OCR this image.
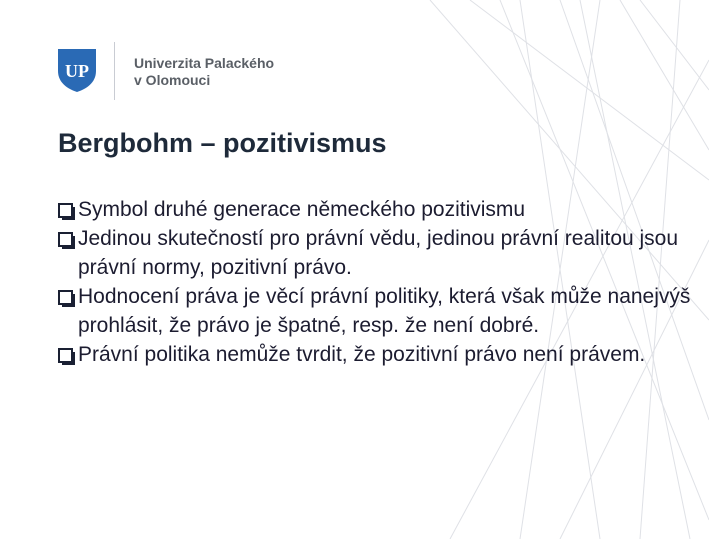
UP	Univerzita Palackého
v Olomouci
Bergbohm – pozitivismus
Symbol druhé generace německého pozitivismu
Jedinou skutečností pro právní vědu, jedinou právní realitou jsou právní normy, pozitivní právo.
Hodnocení práva je věcí právní politiky, která však může nanejvýš prohlásit, že právo je špatné, resp. že není dobré.
Právní politika nemůže tvrdit, že pozitivní právo není právem.
